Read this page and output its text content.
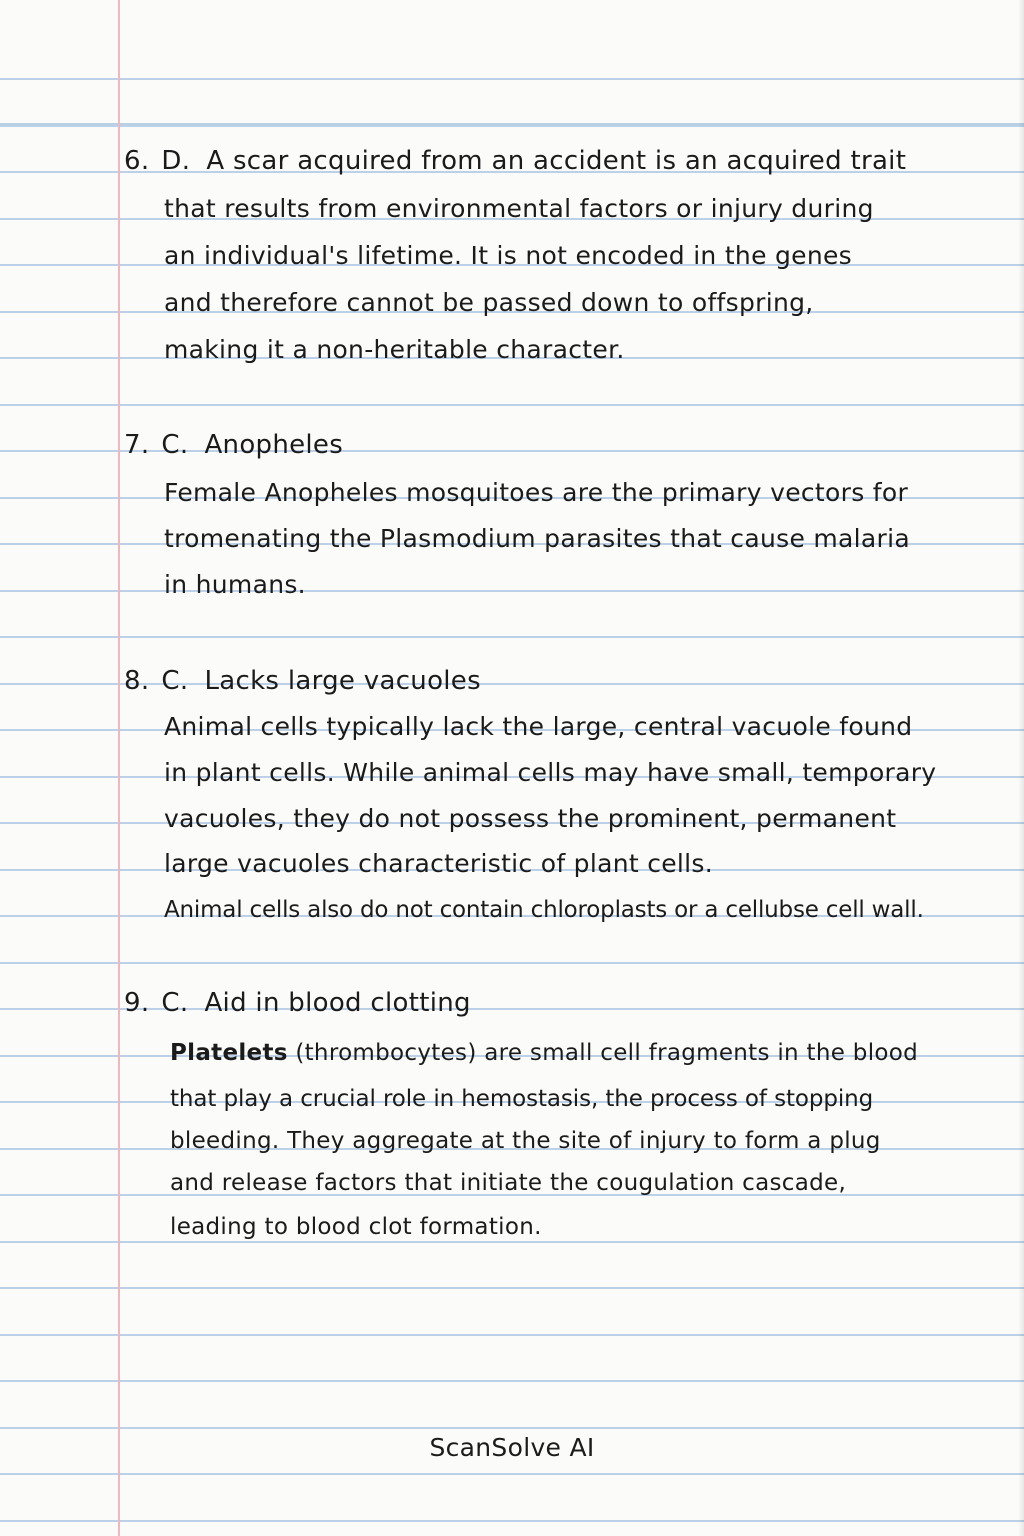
6. D. A scar acquired from an accident is an acquired trait
that results from environmental factors or injury during
an individual's lifetime. It is not encoded in the genes
and therefore cannot be passed down to offspring,
making it a non-heritable character.
7. C. Anopheles
Female Anopheles mosquitoes are the primary vectors for
tromenating the Plasmodium parasites that cause malaria
in humans.
8. C. Lacks large vacuoles
Animal cells typically lack the large, central vacuole found
in plant cells. While animal cells may have small, temporary
vacuoles, they do not possess the prominent, permanent
large vacuoles characteristic of plant cells.
Animal cells also do not contain chloroplasts or a cellubse cell wall.
9. C. Aid in blood clotting
Platelets (thrombocytes) are small cell fragments in the blood
that play a crucial role in hemostasis, the process of stopping
bleeding. They aggregate at the site of injury to form a plug
and release factors that initiate the cougulation cascade,
leading to blood clot formation.
ScanSolve AI
